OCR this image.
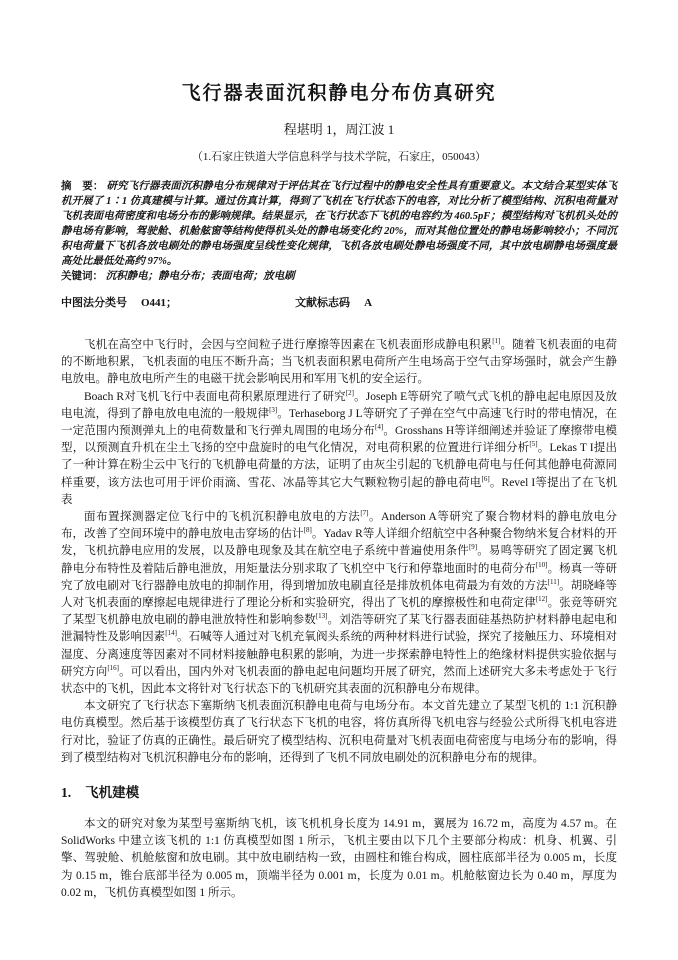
飞行器表面沉积静电分布仿真研究
程堪明 1，周江波 1
（1.石家庄铁道大学信息科学与技术学院，石家庄，050043）

摘　要： 研究飞行器表面沉积静电分布规律对于评估其在飞行过程中的静电安全性具有重要意义。本文结合某型实体飞机开展了 1∶1 仿真建模与计算。通过仿真计算，得到了飞机在飞行状态下的电容，对比分析了模型结构、沉积电荷量对飞机表面电荷密度和电场分布的影响规律。结果显示，在飞行状态下飞机的电容约为 460.5pF；模型结构对飞机机头处的静电场有影响，驾驶舱、机舱舷窗等结构使得机头处的静电场变化约 20%，而对其他位置处的静电场影响较小；不同沉积电荷量下飞机各放电刷处的静电场强度呈线性变化规律，飞机各放电刷处静电场强度不同，其中放电刷静电场强度最高处比最低处高约 97%。

关键词： 沉积静电；静电分布；表面电荷；放电刷

中图法分类号 O441；	文献标志码 A

飞机在高空中飞行时，会因与空间粒子进行摩擦等因素在飞机表面形成静电积累[1]。随着飞机表面的电荷的不断地积累，飞机表面的电压不断升高；当飞机表面积累电荷所产生电场高于空气击穿场强时，就会产生静电放电。静电放电所产生的电磁干扰会影响民用和军用飞机的安全运行。

Boach R对飞机飞行中表面电荷积累原理进行了研究[2]。Joseph E等研究了喷气式飞机的静电起电原因及放电电流，得到了静电放电电流的一般规律[3]。Terhaseborg J L等研究了子弹在空气中高速飞行时的带电情况，在一定范围内预测弹丸上的电荷数量和飞行弹丸周围的电场分布[4]。Grosshans H等详细阐述并验证了摩擦带电模型，以预测直升机在尘土飞扬的空中盘旋时的电气化情况，对电荷积累的位置进行详细分析[5]。Lekas T I提出了一种计算在粉尘云中飞行的飞机静电荷量的方法，证明了由灰尘引起的飞机静电荷电与任何其他静电荷源同样重要，该方法也可用于评价雨滴、雪花、冰晶等其它大气颗粒物引起的静电荷电[6]。Revel I等提出了在飞机表

面布置探测器定位飞行中的飞机沉积静电放电的方法[7]。Anderson A等研究了聚合物材料的静电放电分布，改善了空间环境中的静电放电击穿场的估计[8]。Yadav R等人详细介绍航空中各种聚合物纳米复合材料的开发，飞机抗静电应用的发展，以及静电现象及其在航空电子系统中普遍使用条件[9]。易鸣等研究了固定翼飞机静电分布特性及着陆后静电泄放，用矩量法分别求取了飞机空中飞行和停靠地面时的电荷分布[10]。杨真一等研究了放电刷对飞行器静电放电的抑制作用，得到增加放电刷直径是排放机体电荷最为有效的方法[11]。胡晓峰等人对飞机表面的摩擦起电规律进行了理论分析和实验研究，得出了飞机的摩擦极性和电荷定律[12]。张竞等研究了某型飞机静电放电刷的静电泄放特性和影响参数[13]。刘浩等研究了某飞行器表面硅基热防护材料静电起电和泄漏特性及影响因素[14]。石喊等人通过对飞机充氧阀头系统的两种材料进行试验，探究了接触压力、环境相对湿度、分离速度等因素对不同材料接触静电积累的影响，为进一步探索静电特性上的绝缘材料提供实验依据与研究方向[16]。可以看出，国内外对飞机表面的静电起电问题均开展了研究，然而上述研究大多未考虑处于飞行状态中的飞机，因此本文将针对飞行状态下的飞机研究其表面的沉积静电分布规律。

本文研究了飞行状态下塞斯纳飞机表面沉积静电电荷与电场分布。本文首先建立了某型飞机的 1:1 沉积静电仿真模型。然后基于该模型仿真了飞行状态下飞机的电容，将仿真所得飞机电容与经验公式所得飞机电容进行对比，验证了仿真的正确性。最后研究了模型结构、沉积电荷量对飞机表面电荷密度与电场分布的影响，得到了模型结构对飞机沉积静电分布的影响，还得到了飞机不同放电刷处的沉积静电分布的规律。

1. 飞机建模

本文的研究对象为某型号塞斯纳飞机，该飞机机身长度为 14.91 m，翼展为 16.72 m，高度为 4.57 m。在 SolidWorks 中建立该飞机的 1:1 仿真模型如图 1 所示，飞机主要由以下几个主要部分构成：机身、机翼、引擎、驾驶舱、机舱舷窗和放电刷。其中放电刷结构一致，由圆柱和锥台构成，圆柱底部半径为 0.005 m，长度为 0.15 m，锥台底部半径为 0.005 m，顶端半径为 0.001 m，长度为 0.01 m。机舱舷窗边长为 0.40 m，厚度为 0.02 m，飞机仿真模型如图 1 所示。
